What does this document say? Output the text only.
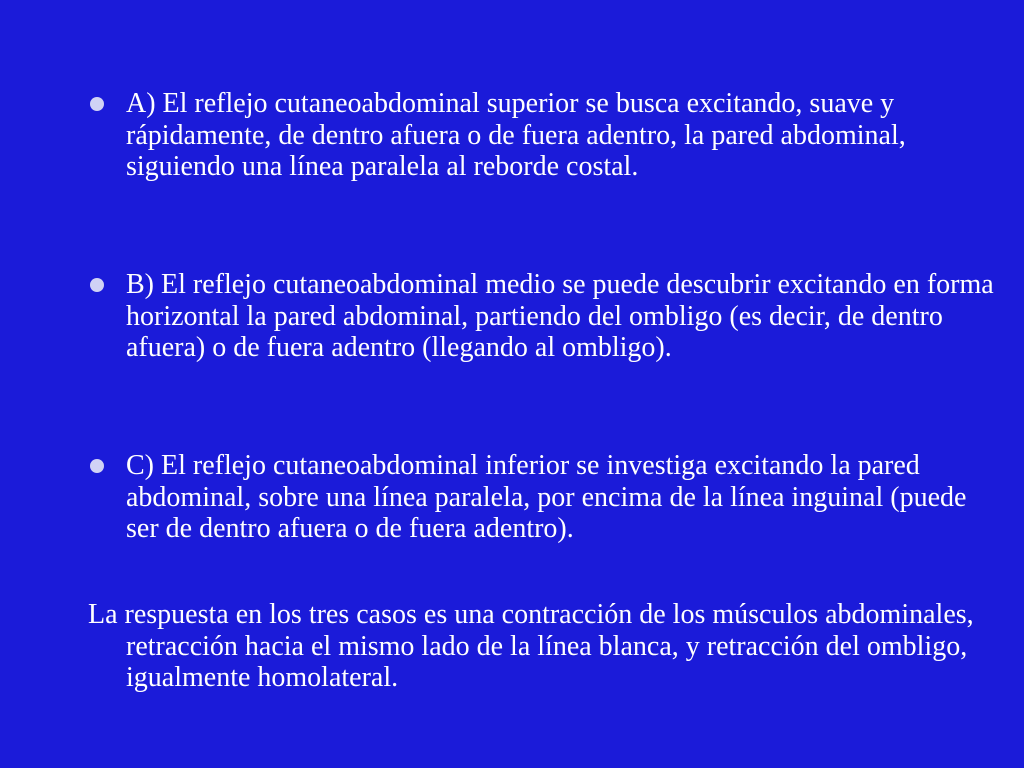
A) El reflejo cutaneoabdominal superior se busca excitando, suave y rápidamente, de dentro afuera o de fuera adentro, la pared abdominal, siguiendo una línea paralela al reborde costal.

B) El reflejo cutaneoabdominal medio se puede descubrir excitando en forma horizontal la pared abdominal, partiendo del ombligo (es decir, de dentro afuera) o de fuera adentro (llegando al ombligo).

C) El reflejo cutaneoabdominal inferior se investiga excitando la pared abdominal, sobre una línea paralela, por encima de la línea inguinal (puede ser de dentro afuera o de fuera adentro).

La respuesta en los tres casos es una contracción de los músculos abdominales, retracción hacia el mismo lado de la línea blanca, y retracción del ombligo, igualmente homolateral.
